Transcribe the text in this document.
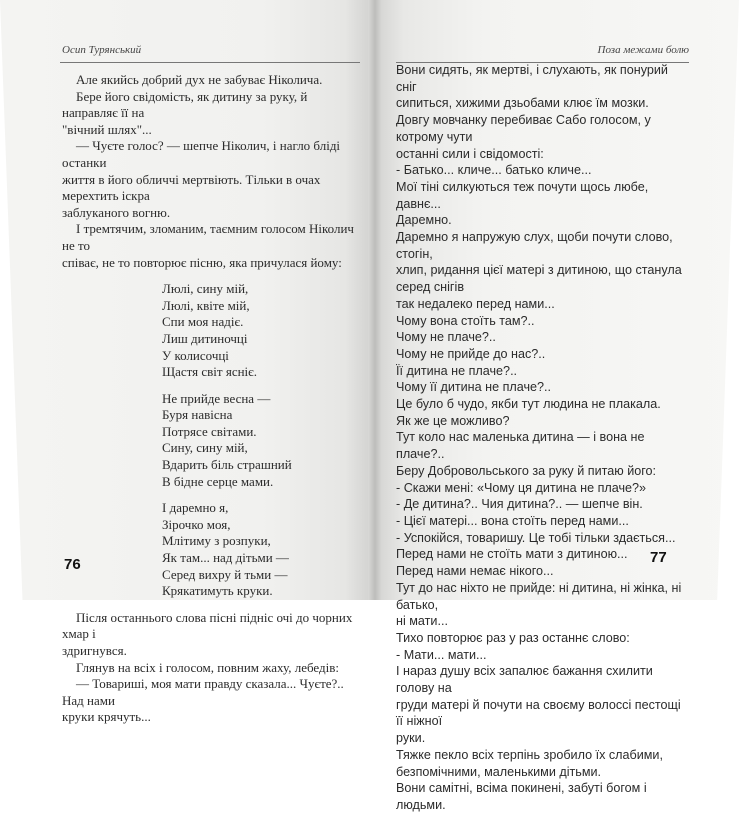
Осип Турянський	Поза межами болю

Але якийсь добрий дух не забуває Ніколича.

Бере його свідомість, як дитину за руку, й направляє її на

"вічний шлях"...

— Чуєте голос? — шепче Ніколич, і нагло бліді останки

життя в його обличчі мертвіють. Тільки в очах мерехтить іскра

заблуканого вогню.

І тремтячим, зломаним, таємним голосом Ніколич не то

співає, не то повторює пісню, яка причулася йому:

Люлі, сину мій,

Люлі, квіте мій,

Спи моя надіє.

Лиш дитиночці

У колисочці

Щастя світ ясніє.

Не прийде весна —

Буря навісна

Потрясе світами.

Сину, сину мій,

Вдарить біль страшний

В бідне серце мами.

І даремно я,

Зірочко моя,

Млітиму з розпуки,

Як там... над дітьми —

Серед вихру й тьми —

Крякатимуть круки.

Після останнього слова пісні підніс очі до чорних хмар і

здригнувся.

Глянув на всіх і голосом, повним жаху, лебедів:

— Товариші, моя мати правду сказала... Чуєте?.. Над нами

круки крячуть...

76

Вони сидять, як мертві, і слухають, як понурий сніг

сипиться, хижими дзьобами клює їм мозки.

Довгу мовчанку перебиває Сабо голосом, у котрому чути

останні сили і свідомості:

- Батько... кличе... батько кличе...

Мої тіні силкуються теж почути щось любе, давнє...

Даремно.

Даремно я напружую слух, щоби почути слово, стогін,

хлип, ридання цієї матері з дитиною, що станула серед снігів

так недалеко перед нами...

Чому вона стоїть там?..

Чому не плаче?..

Чому не прийде до нас?..

Її дитина не плаче?..

Чому її дитина не плаче?..

Це було б чудо, якби тут людина не плакала.

Як же це можливо?

Тут коло нас маленька дитина — і вона не плаче?..

Беру Добровольського за руку й питаю його:

- Скажи мені: «Чому ця дитина не плаче?»

- Де дитина?.. Чия дитина?.. — шепче він.

- Цієї матері... вона стоїть перед нами...

- Успокійся, товаришу. Це тобі тільки здається...

Перед нами не стоїть мати з дитиною...

Перед нами немає нікого...

Тут до нас ніхто не прийде: ні дитина, ні жінка, ні батько,

ні мати...

Тихо повторює раз у раз останнє слово:

- Мати... мати...

І нараз душу всіх запалює бажання схилити голову на

груди матері й почути на своєму волоссі пестощі її ніжної

руки.

Тяжке пекло всіх терпінь зробило їх слабими,

безпомічними, маленькими дітьми.

Вони самітні, всіма покинені, забуті богом і людьми.

77
